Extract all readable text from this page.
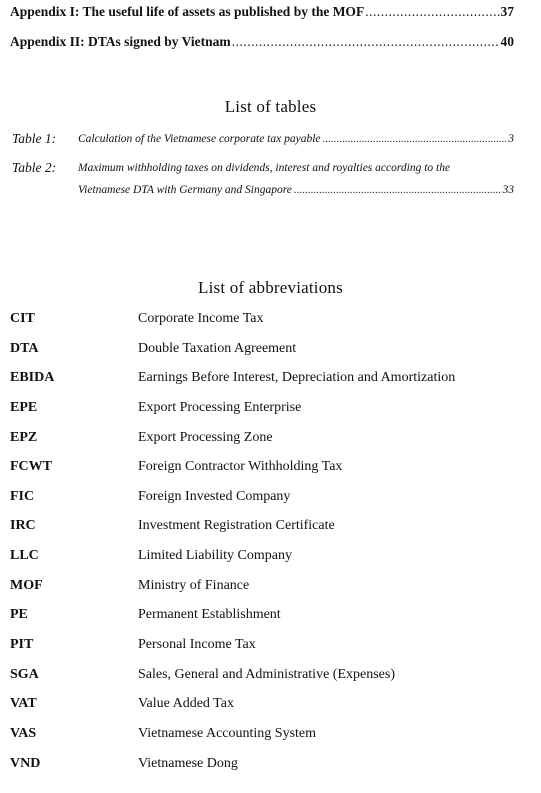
Appendix I: The useful life of assets as published by the MOF .....	37
Appendix II: DTAs signed by Vietnam .....	40
List of tables
Table 1: Calculation of the Vietnamese corporate tax payable .....	3
Table 2: Maximum withholding taxes on dividends, interest and royalties according to the
Vietnamese DTA with Germany and Singapore .....	33
List of abbreviations
CIT	Corporate Income Tax
DTA	Double Taxation Agreement
EBIDA	Earnings Before Interest, Depreciation and Amortization
EPE	Export Processing Enterprise
EPZ	Export Processing Zone
FCWT	Foreign Contractor Withholding Tax
FIC	Foreign Invested Company
IRC	Investment Registration Certificate
LLC	Limited Liability Company
MOF	Ministry of Finance
PE	Permanent Establishment
PIT	Personal Income Tax
SGA	Sales, General and Administrative (Expenses)
VAT	Value Added Tax
VAS	Vietnamese Accounting System
VND	Vietnamese Dong
